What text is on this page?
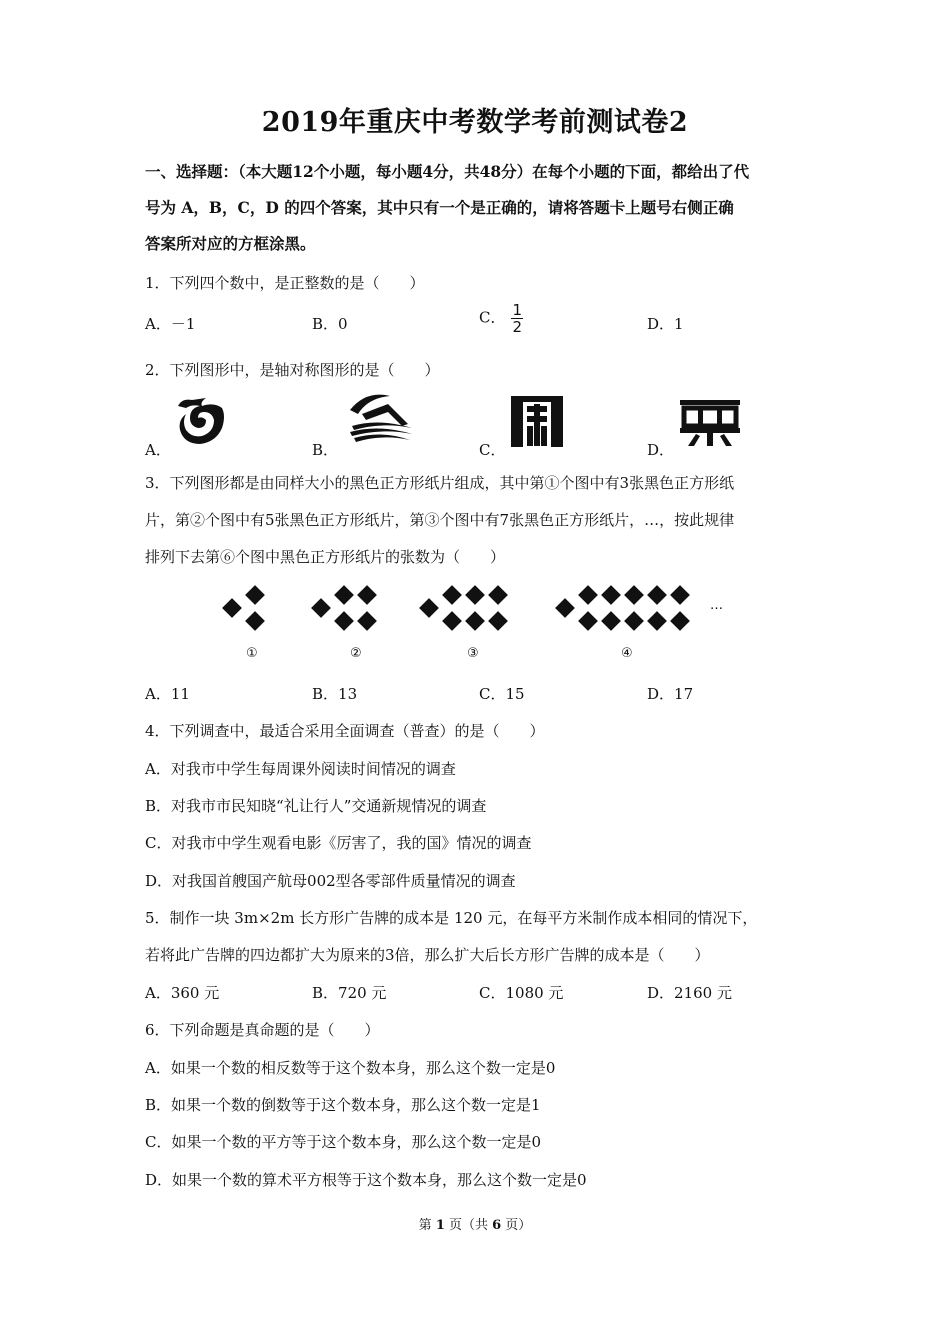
2019年重庆中考数学考前测试卷2
一、选择题：（本大题12个小题，每小题4分，共48分）在每个小题的下面，都给出了代
号为 A，B，C，D 的四个答案，其中只有一个是正确的，请将答题卡上题号右侧正确
答案所对应的方框涂黑。
1．下列四个数中，是正整数的是（　　）
A．－1	B．0	C． $\frac{1}{2}$	D．1
2．下列图形中，是轴对称图形的是（　　）
A．	B．	C．	D．
3．下列图形都是由同样大小的黑色正方形纸片组成，其中第①个图中有3张黑色正方形纸
片，第②个图中有5张黑色正方形纸片，第③个图中有7张黑色正方形纸片，…，按此规律
排列下去第⑥个图中黑色正方形纸片的张数为（　　）
…
①	②	③	④
A．11	B．13	C．15	D．17
4．下列调查中，最适合采用全面调查（普查）的是（　　）
A．对我市中学生每周课外阅读时间情况的调查
B．对我市市民知晓“礼让行人”交通新规情况的调查
C．对我市中学生观看电影《厉害了，我的国》情况的调查
D．对我国首艘国产航母002型各零部件质量情况的调查
5．制作一块 3m×2m 长方形广告牌的成本是 120 元，在每平方米制作成本相同的情况下，
若将此广告牌的四边都扩大为原来的3倍，那么扩大后长方形广告牌的成本是（　　）
A．360 元	B．720 元	C．1080 元	D．2160 元
6．下列命题是真命题的是（　　）
A．如果一个数的相反数等于这个数本身，那么这个数一定是0
B．如果一个数的倒数等于这个数本身，那么这个数一定是1
C．如果一个数的平方等于这个数本身，那么这个数一定是0
D．如果一个数的算术平方根等于这个数本身，那么这个数一定是0
第 1 页（共 6 页）
